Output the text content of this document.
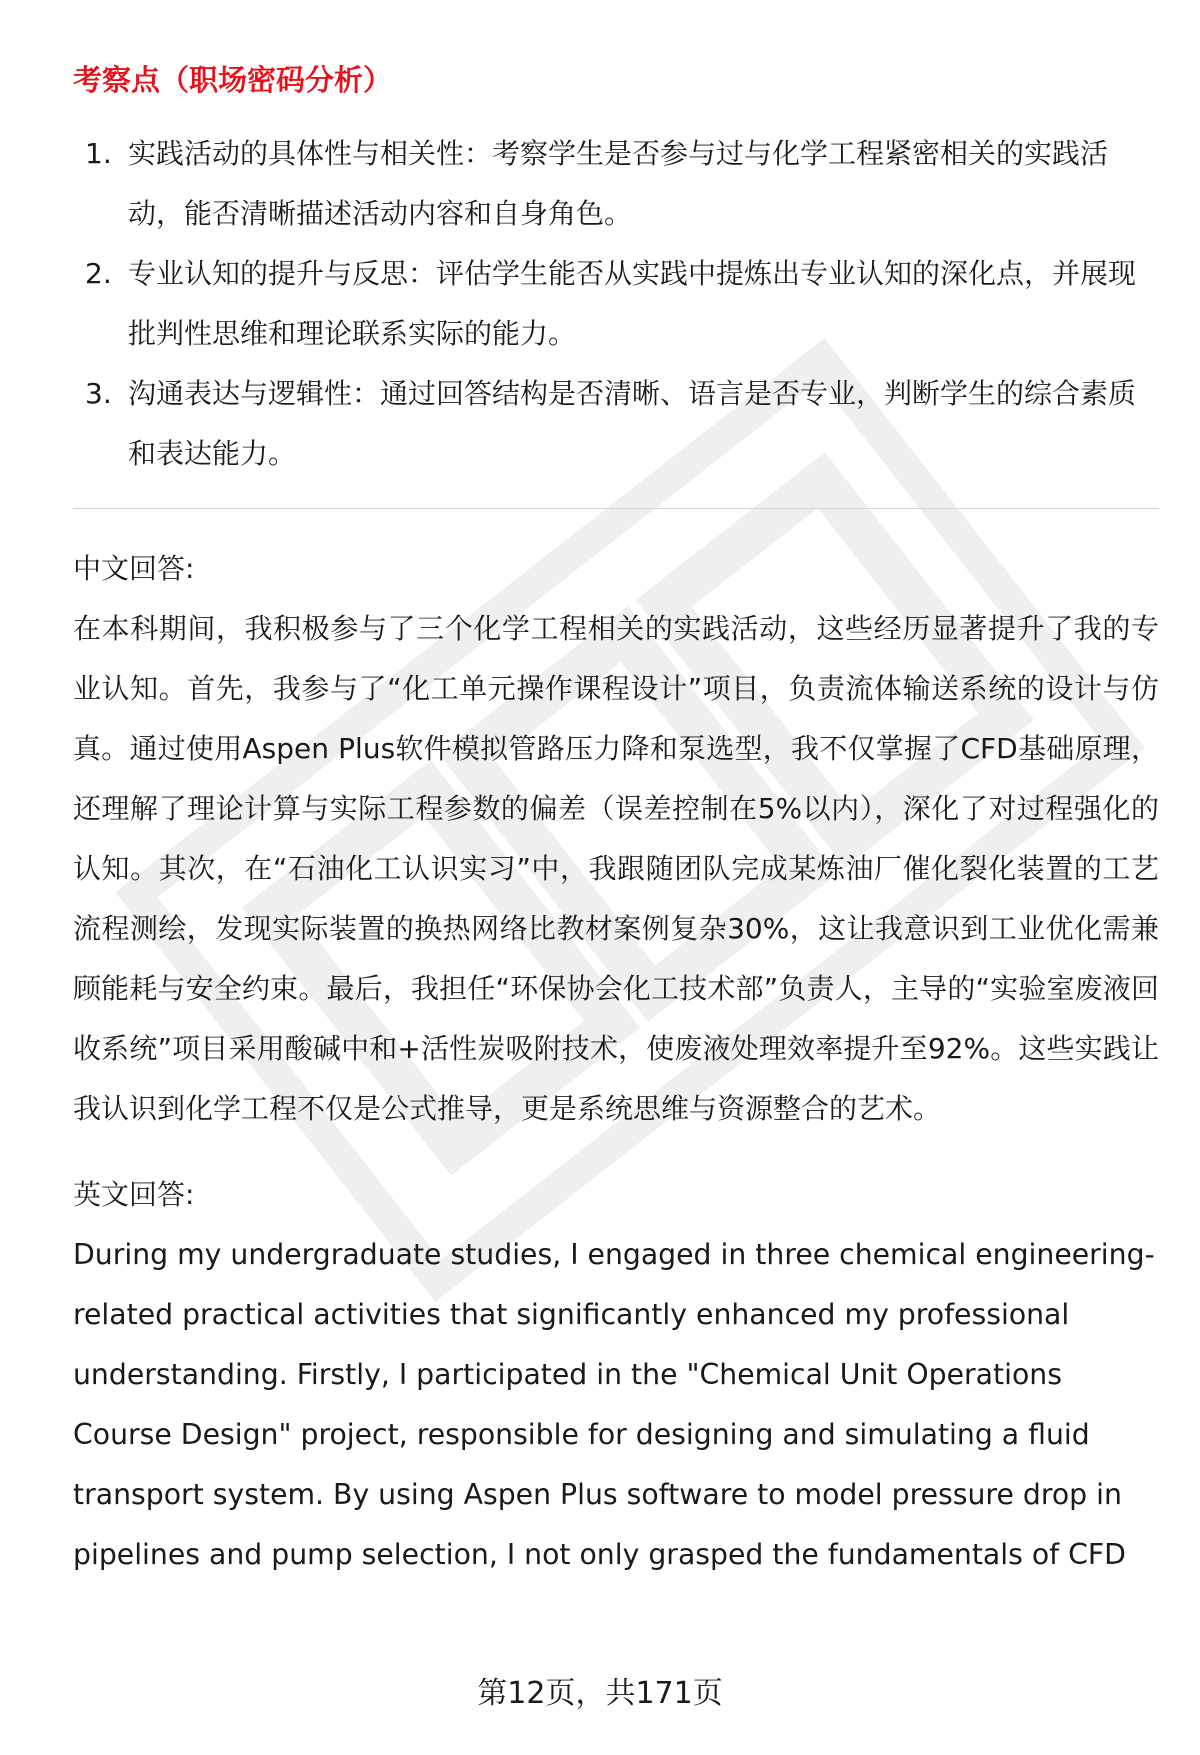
考察点（职场密码分析）
1. 实践活动的具体性与相关性：考察学生是否参与过与化学工程紧密相关的实践活动，能否清晰描述活动内容和自身角色。
2. 专业认知的提升与反思：评估学生能否从实践中提炼出专业认知的深化点，并展现批判性思维和理论联系实际的能力。
3. 沟通表达与逻辑性：通过回答结构是否清晰、语言是否专业，判断学生的综合素质和表达能力。

中文回答:

在本科期间，我积极参与了三个化学工程相关的实践活动，这些经历显著提升了我的专业认知。首先，我参与了“化工单元操作课程设计”项目，负责流体输送系统的设计与仿真。通过使用Aspen Plus软件模拟管路压力降和泵选型，我不仅掌握了CFD基础原理，还理解了理论计算与实际工程参数的偏差（误差控制在5%以内），深化了对过程强化的认知。其次，在“石油化工认识实习”中，我跟随团队完成某炼油厂催化裂化装置的工艺流程测绘，发现实际装置的换热网络比教材案例复杂30%，这让我意识到工业优化需兼顾能耗与安全约束。最后，我担任“环保协会化工技术部”负责人，主导的“实验室废液回收系统”项目采用酸碱中和+活性炭吸附技术，使废液处理效率提升至92%。这些实践让我认识到化学工程不仅是公式推导，更是系统思维与资源整合的艺术。

英文回答:

During my undergraduate studies, I engaged in three chemical engineering-related practical activities that significantly enhanced my professional understanding. Firstly, I participated in the "Chemical Unit Operations Course Design" project, responsible for designing and simulating a fluid transport system. By using Aspen Plus software to model pressure drop in pipelines and pump selection, I not only grasped the fundamentals of CFD

第12页，共171页
